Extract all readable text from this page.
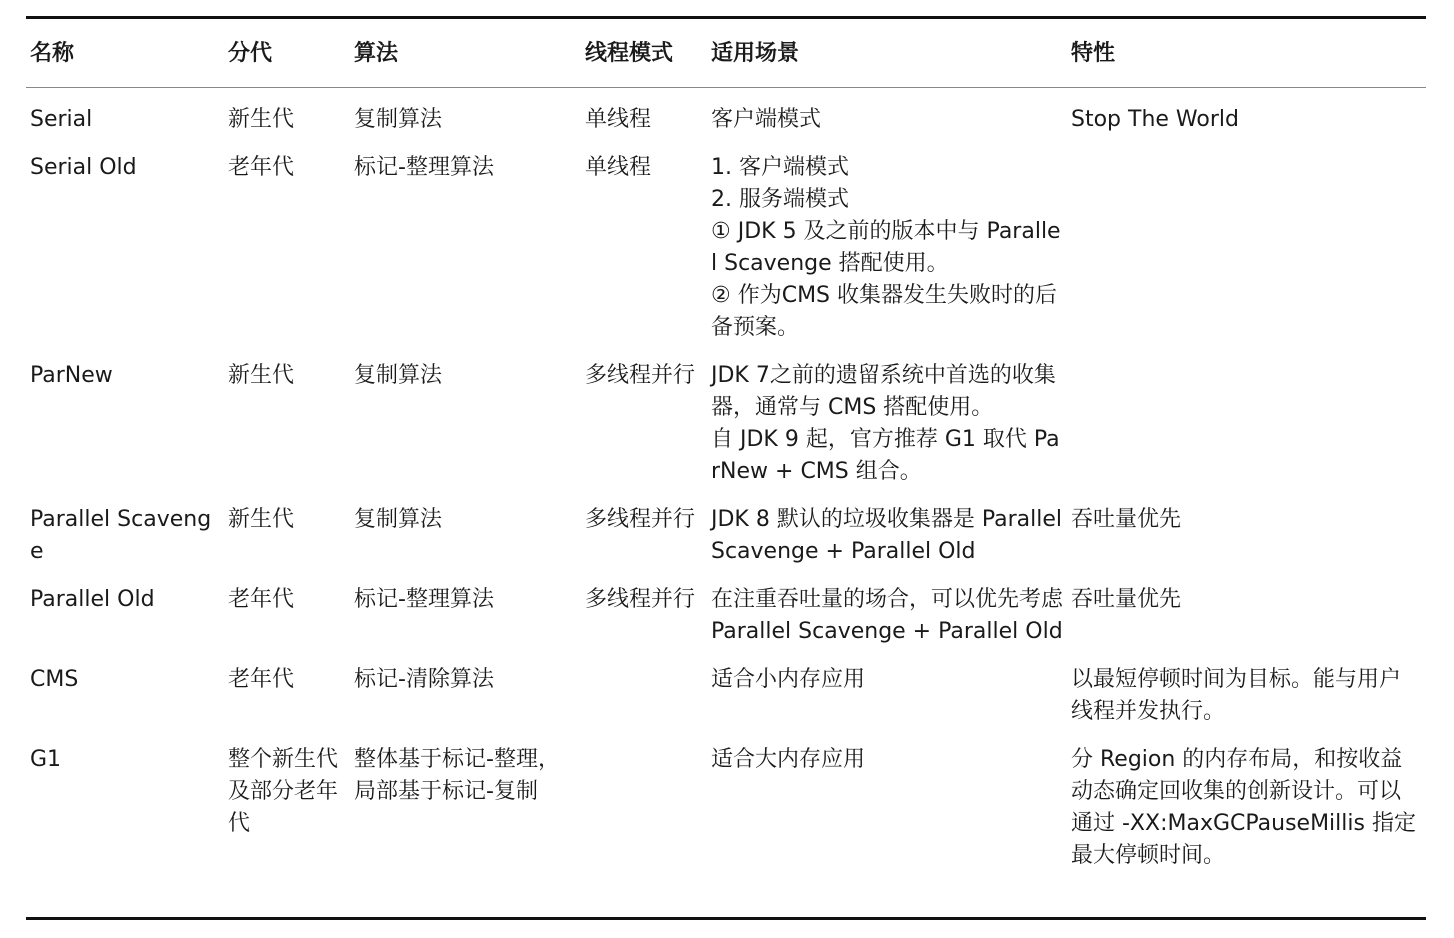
名称	分代	算法	线程模式	适用场景	特性

Serial	新生代	复制算法	单线程	客户端模式	Stop The World

Serial Old	老年代	标记-整理算法	单线程	1. 客户端模式
2. 服务端模式
① JDK 5 及之前的版本中与 Parallel Scavenge 搭配使用。
② 作为CMS 收集器发生失败时的后备预案。	

ParNew	新生代	复制算法	多线程并行	JDK 7之前的遗留系统中首选的收集器，通常与 CMS 搭配使用。
自 JDK 9 起，官方推荐 G1 取代 ParNew + CMS 组合。	

Parallel Scavenge	新生代	复制算法	多线程并行	JDK 8 默认的垃圾收集器是 Parallel Scavenge + Parallel Old	吞吐量优先

Parallel Old	老年代	标记-整理算法	多线程并行	在注重吞吐量的场合，可以优先考虑 Parallel Scavenge + Parallel Old	吞吐量优先

CMS	老年代	标记-清除算法		适合小内存应用	以最短停顿时间为目标。能与用户线程并发执行。

G1	整个新生代及部分老年代	整体基于标记-整理，局部基于标记-复制		适合大内存应用	分 Region 的内存布局，和按收益动态确定回收集的创新设计。可以通过 -XX:MaxGCPauseMillis 指定最大停顿时间。
